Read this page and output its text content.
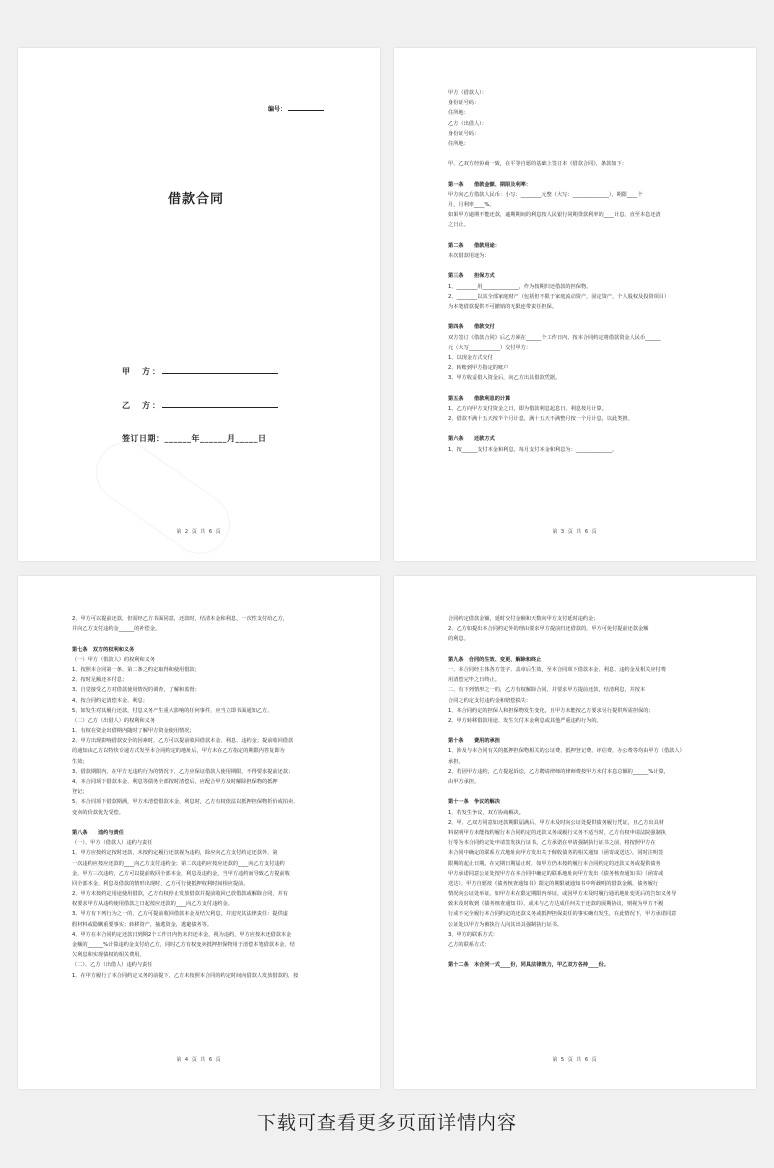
编号：
借款合同
甲　方：
乙　方：
签订日期：______年______月_____日
第 2 页 共 6 页
甲方（借款人）：
身份证号码：
住所地：
乙方（出借人）：
身份证号码：
住所地：
甲、乙双方经协商一致，在平等自愿的基础上签订本《借款合同》，条款如下：
第一条　　借款金额、期限及利率：
甲方向乙方借款人民币：小写：________元整（大写：______________），期限____个
月，月利率____%。
如果甲方逾期不能还款，逾期期间的利息按人民银行同期贷款利率的____计息，直至本息还清
之日止。
第二条　　借款用途：
本次借款用途为：
第三条　　担保方式
1、________用______________，作为按期归还借款的担保物。
2、________以其全部家庭财产（包括但不限于家庭流动资产，固定资产，个人股权及投资项目）
为本笔借款提供不可撤销的无限连带责任担保。
第四条　　借款交付
双方签订《借款合同》后乙方须在______个工作日内，按本合同约定将借款资金人民币______
元（大写____________）交付甲方：
1、以现金方式交付
2、转账到甲方指定的账户
3、甲方收妥借入资金后，向乙方出具借款凭据。
第五条　　借款利息的计算
1、乙方向甲方支付资金之日，即为借款利息起息日，利息按月计算。
2、借款不满十五天按半个月计息，满十五天不满整月按一个月计息，以此类推。
第六条　　还款方式
1、按______支付本金和利息，每月支付本金和利息为：______________。
第 3 页 共 6 页
2、甲方可以提前还款，但需经乙方书面同意，还款时，结清本金和利息，一次性支付给乙方，
并向乙方支付违约金______的补偿金。
第七条　双方的权利和义务
（一）甲方（借款人）的权利和义务
1、按照本合同第一条、第二条之约定取得和使用借款；
2、按时足额还本付息；
3、自觉接受乙方对借款使用情况的调查，了解和监督；
4、按合同约定清偿本金、利息；
5、如发生对其履行还款，付息义务产生重大影响的任何事件，应当立即书面通知乙方。
（二）乙方（出借人）的权利和义务
1、有权在资金出借期内随时了解甲方资金使用情况；
2、甲方出现影响借款安全的因素时，乙方可以提前收回借款本金、利息、违约金；提前收回借款
的通知由乙方以特快专递方式发至本合同约定的地址后，甲方未在乙方指定的期限内答复即为
生效；
3、借款期限内，在甲方无违约行为的情况下，乙方应保证借款人使用期限，不得要求提前还款；
4、本合同项下借款本金、利息等债务全部按时清偿后，应配合甲方及时解除担保物的抵押
登记；
5、本合同项下借款期满，甲方未清偿借款本金、利息时，乙方有权依法以抵押担保物折价或拍卖、
变卖的价款优先受偿。
第八条　　违约与责任
（一）、甲方（借款人）违约与责任
1、甲方应按约定按时还款，未按约定履行还款视为违约，除应向乙方支付约定还款外，第
一次违约应按应还款的____向乙方支付违约金；第二次违约应按应还款的____向乙方支付违约
金。甲方三次违约，乙方可以提前收回全部本金，利息及违约金，当甲方违约而导致乙方提前收
回全部本金、利息及借款的情形出现时，乙方可行使抵押权利时间相应提前。
2、甲方未按约定用途使用借款，乙方有权停止发放借款并提前收回已放借款或解除合同，并有
权要求甲方从违约使用借款之日起按应还款的____向乙方支付违约金。
3、甲方有下列行为之一的，乙方可提前收回借款本金及结欠利息，并追究其法律责任：提供虚
假材料或隐瞒重要事实；转移资产，抽逃资金，逃避债务等。
4、甲方在本合同约定还款日到期2个工作日内仍未归还本金，视为违约，甲方应按未还借款本金
金额的______%计算违约金支付给乙方，同时乙方有权变卖抵押担保物用于清偿本笔借款本金、结
欠利息和实现债权的相关费用。
（二）、乙方（出借人）违约与责任
1、在甲方履行了本合同约定义务的前提下，乙方未按照本合同的约定时间向借款人发放借款的，按
第 4 页 共 6 页
合同约定借款金额，延时交付金额和天数向甲方支付延时违约金；
2、乙方如提出本合同约定外的理由要求甲方提前归还借款的，甲方可免付提前还款金额
的利息。
第九条　合同的生效、变更、解除和终止
一、本合同经主体各方签字、盖章后生效，至本合同项下借款本金、利息、违约金及相关应付费
用清偿完毕之日终止。
二、有下列情形之一的，乙方有权解除合同，并要求甲方提前还款，结清利息，并按本
合同之约定支付违约金和赔偿损失：
1、本合同约定的担保人和担保物发生变化，且甲方未能按乙方要求另行提供所需担保的；
2、甲方转移借款用途、发生欠付本金利息或其他严重违约行为的。
第十条　　费用的承担
1、涉及与本合同有关的抵押担保物相关的公证费、抵押登记费、评估费、办公费等均由甲方（借款人）
承担。
2、若因甲方违约，乙方提起诉讼，乙方聘请律师的律师费按甲方未付本息总额的______%计算，
由甲方承担。
第十一条　争议的解决
1、若发生争议，双方协商解决。
2、甲、乙双方同意如还款期限届满后，甲方未及时向公证处提供债务履行凭证，且乙方出具材
料说明甲方未能按约履行本合同约定的还款义务或履行义务不适当时，乙方有权申请法院强制执
行等为本合同约定处申请签发执行证书。乙方承诺在申请强制执行证书之前，将按照甲方在
本合同中确定的联系方式地址向甲方发出关于催收债务的相关通知（函寄或送达）。同时注明签
限期的起止日期。在完期日期届止时，如甲方仍未按约履行本合同约定的还款义务或提供债务
甲方承诺同意公证处按甲方在本合同中确定的联系地址向甲方发出《债务核查通知书》（函寄或
送达），甲方自愿按《债务核查通知书》限定的期限就通知书中所载明的借款金额，债务履行
情况向公证处举证。如甲方未在限定期限内举证，或因甲方未及时履行通讯地址变更后的告知义务导
致未及时收到《债务核查通知书》，或未与乙方达成任何关于还款的展期协议，则视为甲方不履
行或不完全履行本合同约定的还款义务或抵押担保责任的事实确有发生，在此情况下，甲方承诺同意
公证处以甲方为被执行人向其出具强制执行证书。
3、甲方的联系方式：
乙方的联系方式：
第十二条　本合同一式____份，同具法律效力，甲乙双方各持____份。
第 5 页 共 6 页
下载可查看更多页面详情内容
